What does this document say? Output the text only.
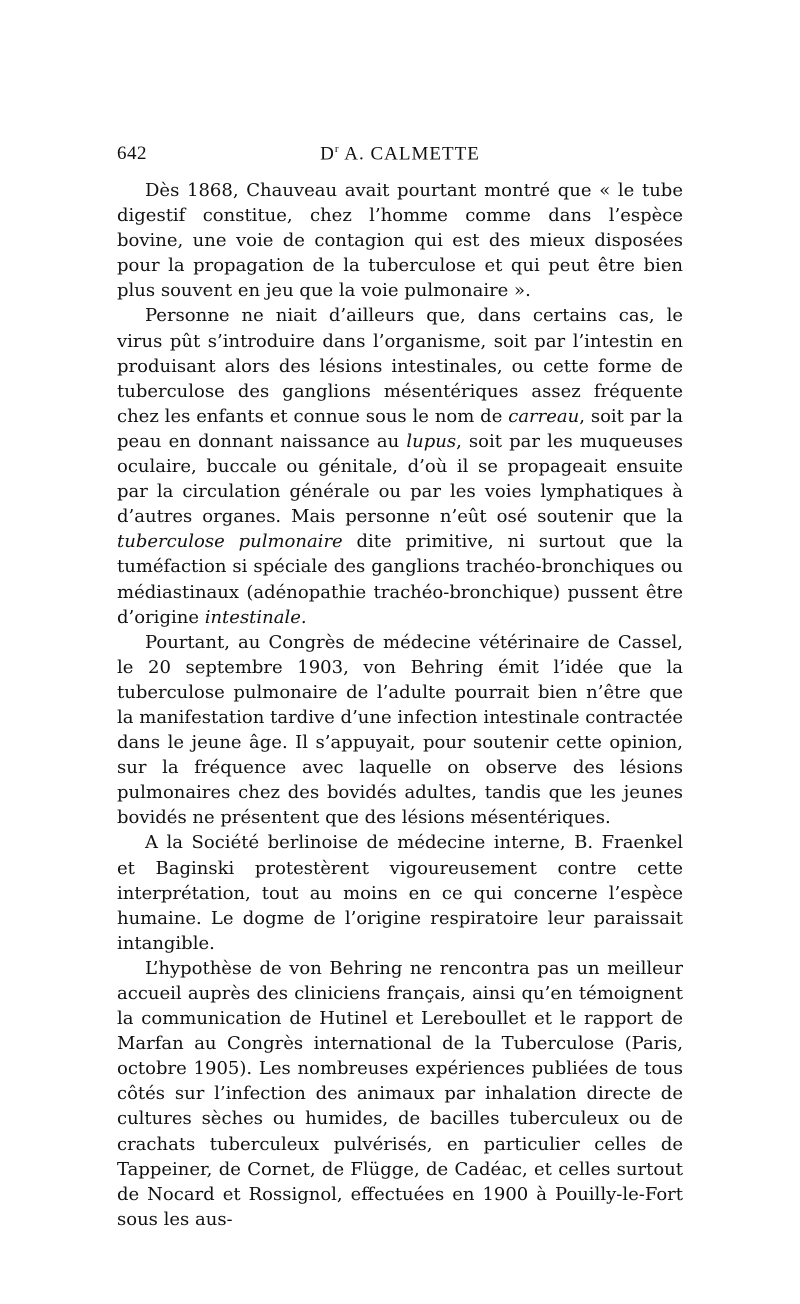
642	$D^r$ A. CALMETTE

Dès 1868, Chauveau avait pourtant montré que « le tube digestif constitue, chez l’homme comme dans l’espèce bovine, une voie de contagion qui est des mieux disposées pour la propagation de la tuberculose et qui peut être bien plus souvent en jeu que la voie pulmonaire ».

Personne ne niait d’ailleurs que, dans certains cas, le virus pût s’introduire dans l’organisme, soit par l’intestin en produisant alors des lésions intestinales, ou cette forme de tuberculose des ganglions mésentériques assez fréquente chez les enfants et connue sous le nom de carreau, soit par la peau en donnant naissance au lupus, soit par les muqueuses oculaire, buccale ou génitale, d’où il se propageait ensuite par la circulation générale ou par les voies lymphatiques à d’autres organes. Mais personne n’eût osé soutenir que la tuberculose pulmonaire dite primitive, ni surtout que la tuméfaction si spéciale des ganglions trachéo-bronchiques ou médiastinaux (adénopathie trachéo-bronchique) pussent être d’origine intestinale.

Pourtant, au Congrès de médecine vétérinaire de Cassel, le 20 septembre 1903, von Behring émit l’idée que la tuberculose pulmonaire de l’adulte pourrait bien n’être que la manifestation tardive d’une infection intestinale contractée dans le jeune âge. Il s’appuyait, pour soutenir cette opinion, sur la fréquence avec laquelle on observe des lésions pulmonaires chez des bovidés adultes, tandis que les jeunes bovidés ne présentent que des lésions mésentériques.

A la Société berlinoise de médecine interne, B. Fraenkel et Baginski protestèrent vigoureusement contre cette interprétation, tout au moins en ce qui concerne l’espèce humaine. Le dogme de l’origine respiratoire leur paraissait intangible.

L’hypothèse de von Behring ne rencontra pas un meilleur accueil auprès des cliniciens français, ainsi qu’en témoignent la communication de Hutinel et Lereboullet et le rapport de Marfan au Congrès international de la Tuberculose (Paris, octobre 1905). Les nombreuses expériences publiées de tous côtés sur l’infection des animaux par inhalation directe de cultures sèches ou humides, de bacilles tuberculeux ou de crachats tuberculeux pulvérisés, en particulier celles de Tappeiner, de Cornet, de Flügge, de Cadéac, et celles surtout de Nocard et Rossignol, effectuées en 1900 à Pouilly-le-Fort sous les aus-
